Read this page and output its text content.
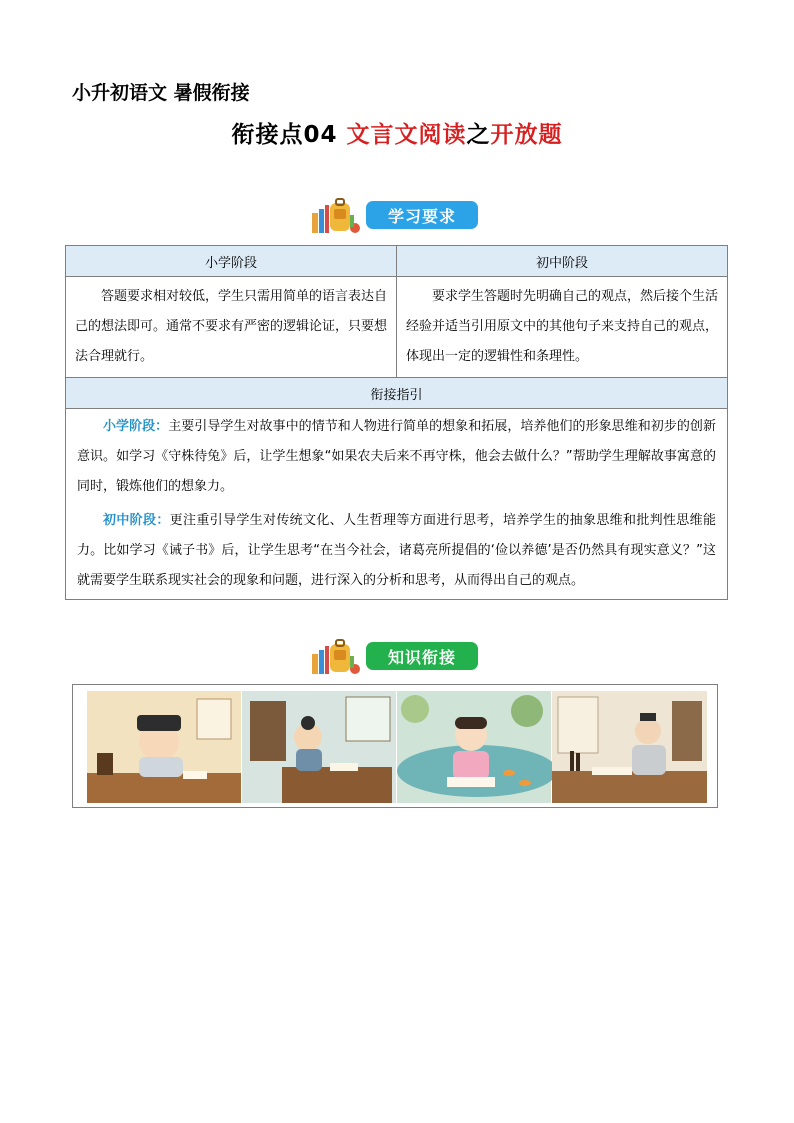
小升初语文 暑假衔接
衔接点04 文言文阅读之开放题
学习要求
小学阶段	初中阶段

答题要求相对较低，学生只需用简单的语言表达自己的想法即可。通常不要求有严密的逻辑论证，只要想法合理就行。	要求学生答题时先明确自己的观点，然后接个生活经验并适当引用原文中的其他句子来支持自己的观点，体现出一定的逻辑性和条理性。

衔接指引	

小学阶段：主要引导学生对故事中的情节和人物进行简单的想象和拓展，培养他们的形象思维和初步的创新意识。如学习《守株待兔》后，让学生想象“如果农夫后来不再守株，他会去做什么？”帮助学生理解故事寓意的同时，锻炼他们的想象力。
初中阶段：更注重引导学生对传统文化、人生哲理等方面进行思考，培养学生的抽象思维和批判性思维能力。比如学习《诫子书》后，让学生思考“在当今社会，诸葛亮所提倡的‘俭以养德’是否仍然具有现实意义？”这就需要学生联系现实社会的现象和问题，进行深入的分析和思考，从而得出自己的观点。	
知识衔接
